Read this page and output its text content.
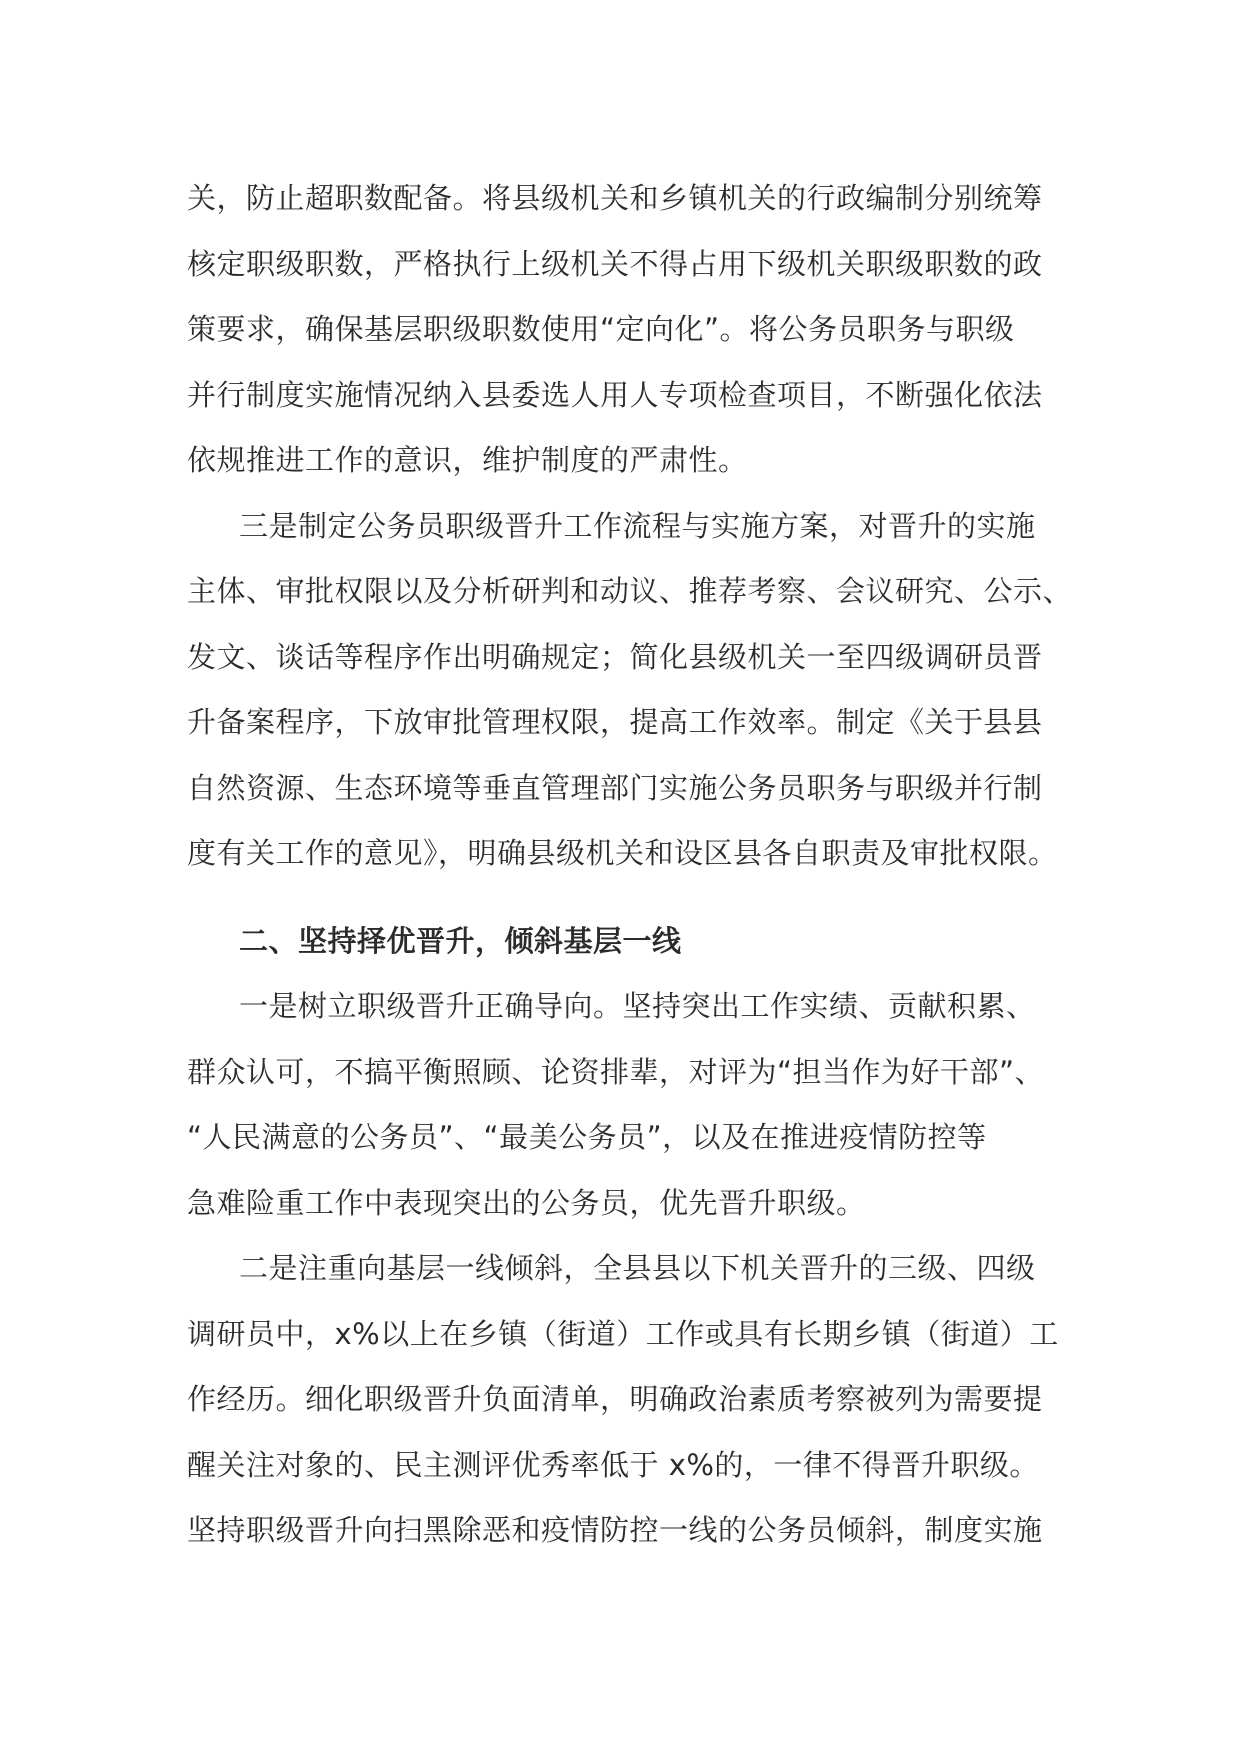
关，防止超职数配备。将县级机关和乡镇机关的行政编制分别统筹
核定职级职数，严格执行上级机关不得占用下级机关职级职数的政
策要求，确保基层职级职数使用“定向化”。将公务员职务与职级
并行制度实施情况纳入县委选人用人专项检查项目，不断强化依法
依规推进工作的意识，维护制度的严肃性。
三是制定公务员职级晋升工作流程与实施方案，对晋升的实施
主体、审批权限以及分析研判和动议、推荐考察、会议研究、公示、
发文、谈话等程序作出明确规定；简化县级机关一至四级调研员晋
升备案程序，下放审批管理权限，提高工作效率。制定《关于县县
自然资源、生态环境等垂直管理部门实施公务员职务与职级并行制
度有关工作的意见》，明确县级机关和设区县各自职责及审批权限。
二、坚持择优晋升，倾斜基层一线
一是树立职级晋升正确导向。坚持突出工作实绩、贡献积累、
群众认可，不搞平衡照顾、论资排辈，对评为“担当作为好干部”、
“人民满意的公务员”、“最美公务员”，以及在推进疫情防控等
急难险重工作中表现突出的公务员，优先晋升职级。
二是注重向基层一线倾斜，全县县以下机关晋升的三级、四级
调研员中，x%以上在乡镇（街道）工作或具有长期乡镇（街道）工
作经历。细化职级晋升负面清单，明确政治素质考察被列为需要提
醒关注对象的、民主测评优秀率低于 x%的，一律不得晋升职级。
坚持职级晋升向扫黑除恶和疫情防控一线的公务员倾斜，制度实施
